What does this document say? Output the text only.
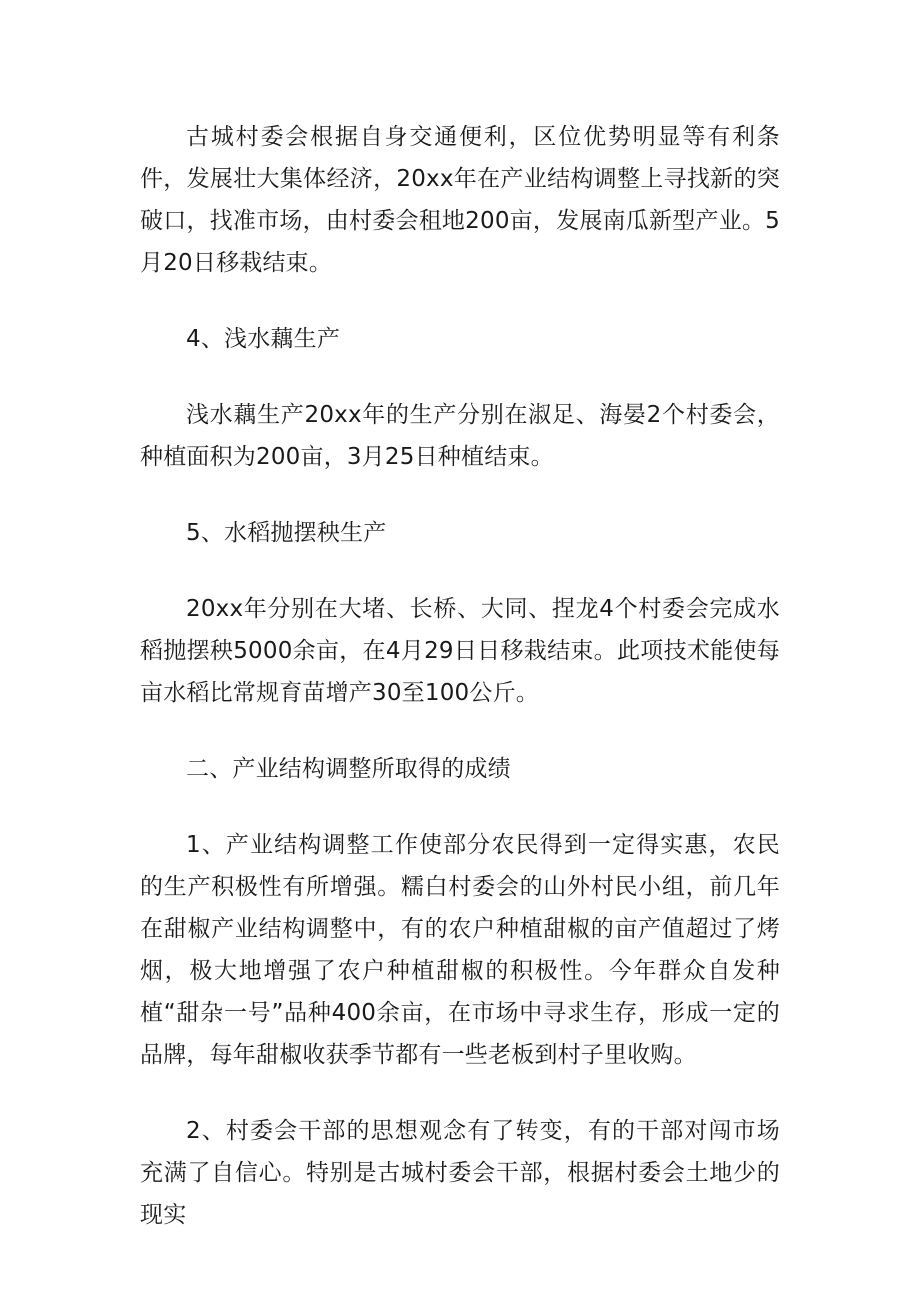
古城村委会根据自身交通便利，区位优势明显等有利条件，发展壮大集体经济，20xx年在产业结构调整上寻找新的突破口，找准市场，由村委会租地200亩，发展南瓜新型产业。5月20日移栽结束。

4、浅水藕生产

浅水藕生产20xx年的生产分别在淑足、海晏2个村委会，种植面积为200亩，3月25日种植结束。

5、水稻抛摆秧生产

20xx年分别在大堵、长桥、大同、捏龙4个村委会完成水稻抛摆秧5000余亩，在4月29日日移栽结束。此项技术能使每亩水稻比常规育苗增产30至100公斤。

二、产业结构调整所取得的成绩

1、产业结构调整工作使部分农民得到一定得实惠，农民的生产积极性有所增强。糯白村委会的山外村民小组，前几年在甜椒产业结构调整中，有的农户种植甜椒的亩产值超过了烤烟，极大地增强了农户种植甜椒的积极性。今年群众自发种植“甜杂一号”品种400余亩，在市场中寻求生存，形成一定的品牌，每年甜椒收获季节都有一些老板到村子里收购。

2、村委会干部的思想观念有了转变，有的干部对闯市场充满了自信心。特别是古城村委会干部，根据村委会土地少的现实
